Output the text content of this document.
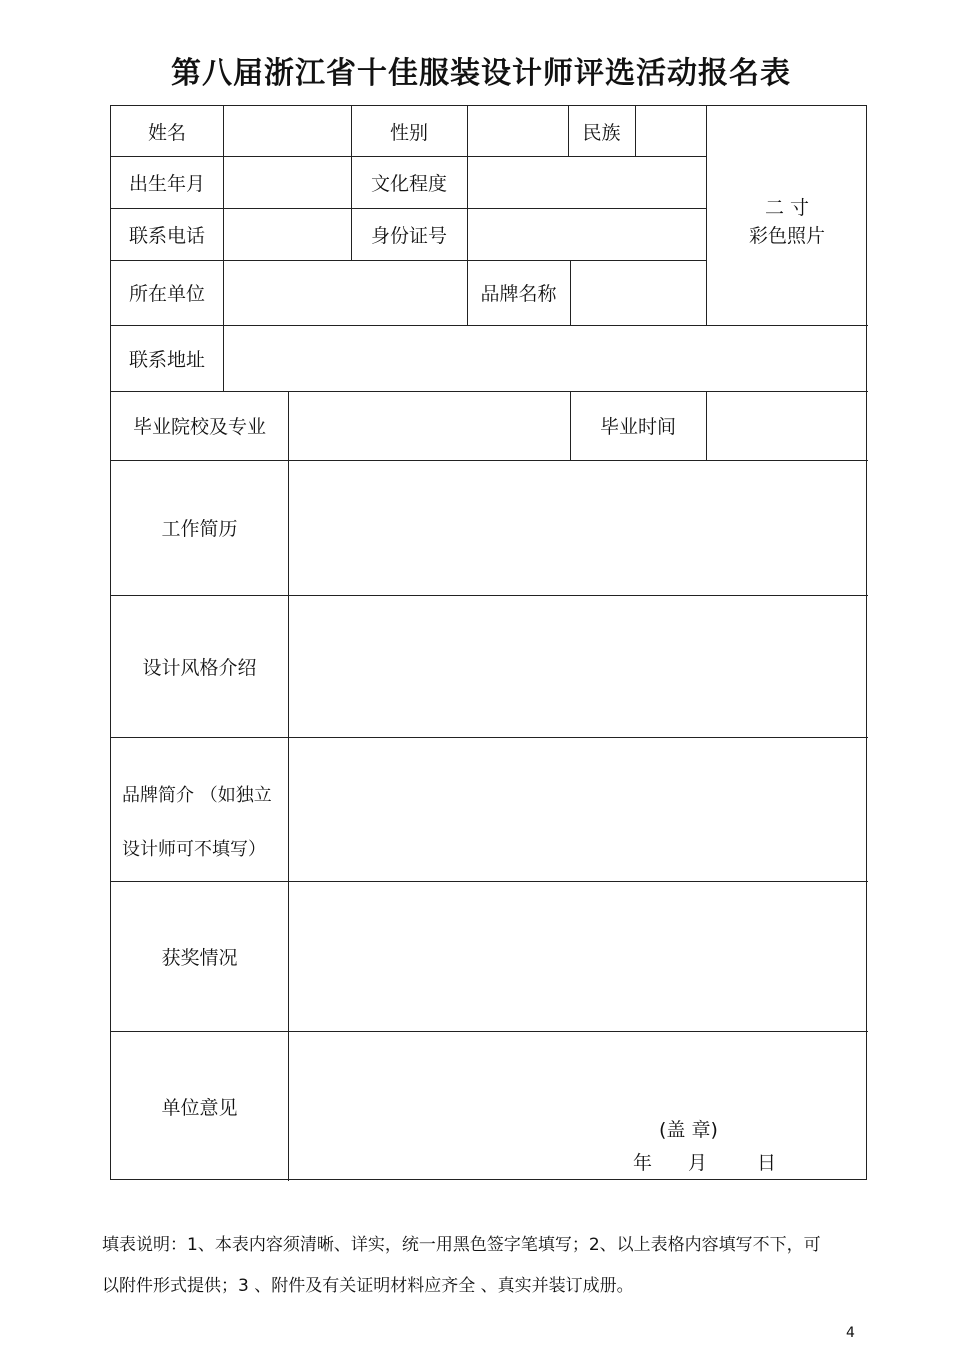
第八届浙江省十佳服装设计师评选活动报名表
姓名	性别	民族
出生年月	文化程度
联系电话	身份证号
所在单位	品牌名称
二 寸
彩色照片
联系地址
毕业院校及专业	毕业时间
工作简历
设计风格介绍
品牌简介 （如独立
设计师可不填写）
获奖情况
单位意见
(盖 章)
年 月	日
填表说明：1、本表内容须清晰、详实，统一用黑色签字笔填写；2、以上表格内容填写不下，可
以附件形式提供；3 、附件及有关证明材料应齐全 、真实并装订成册。
4
